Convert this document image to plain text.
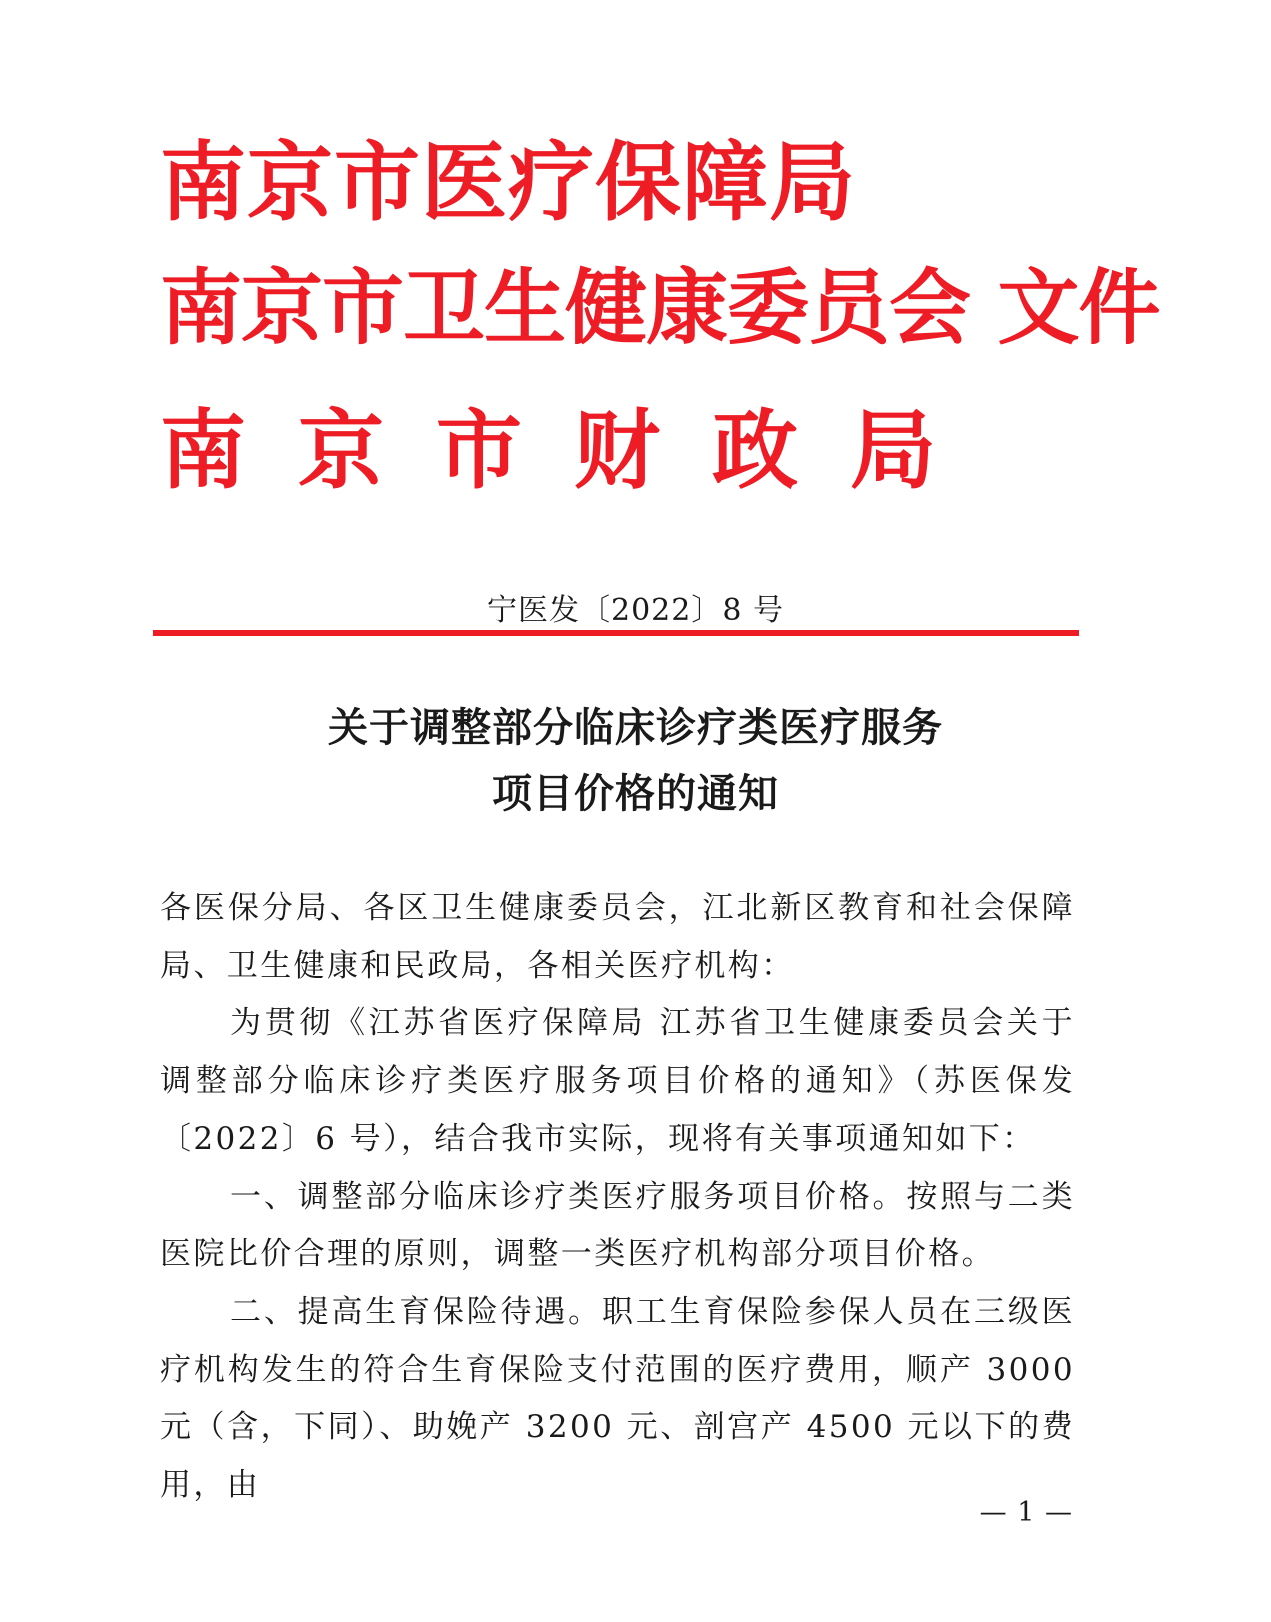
南京市医疗保障局
南京市卫生健康委员会 文件
南京市财政局
宁医发〔2022〕8 号
关于调整部分临床诊疗类医疗服务
项目价格的通知

各医保分局、各区卫生健康委员会，江北新区教育和社会保障局、卫生健康和民政局，各相关医疗机构：

为贯彻《江苏省医疗保障局 江苏省卫生健康委员会关于调整部分临床诊疗类医疗服务项目价格的通知》（苏医保发〔2022〕6 号），结合我市实际，现将有关事项通知如下：

一、调整部分临床诊疗类医疗服务项目价格。按照与二类医院比价合理的原则，调整一类医疗机构部分项目价格。

二、提高生育保险待遇。职工生育保险参保人员在三级医疗机构发生的符合生育保险支付范围的医疗费用，顺产 3000 元（含，下同）、助娩产 3200 元、剖宫产 4500 元以下的费用，由

— 1 —
